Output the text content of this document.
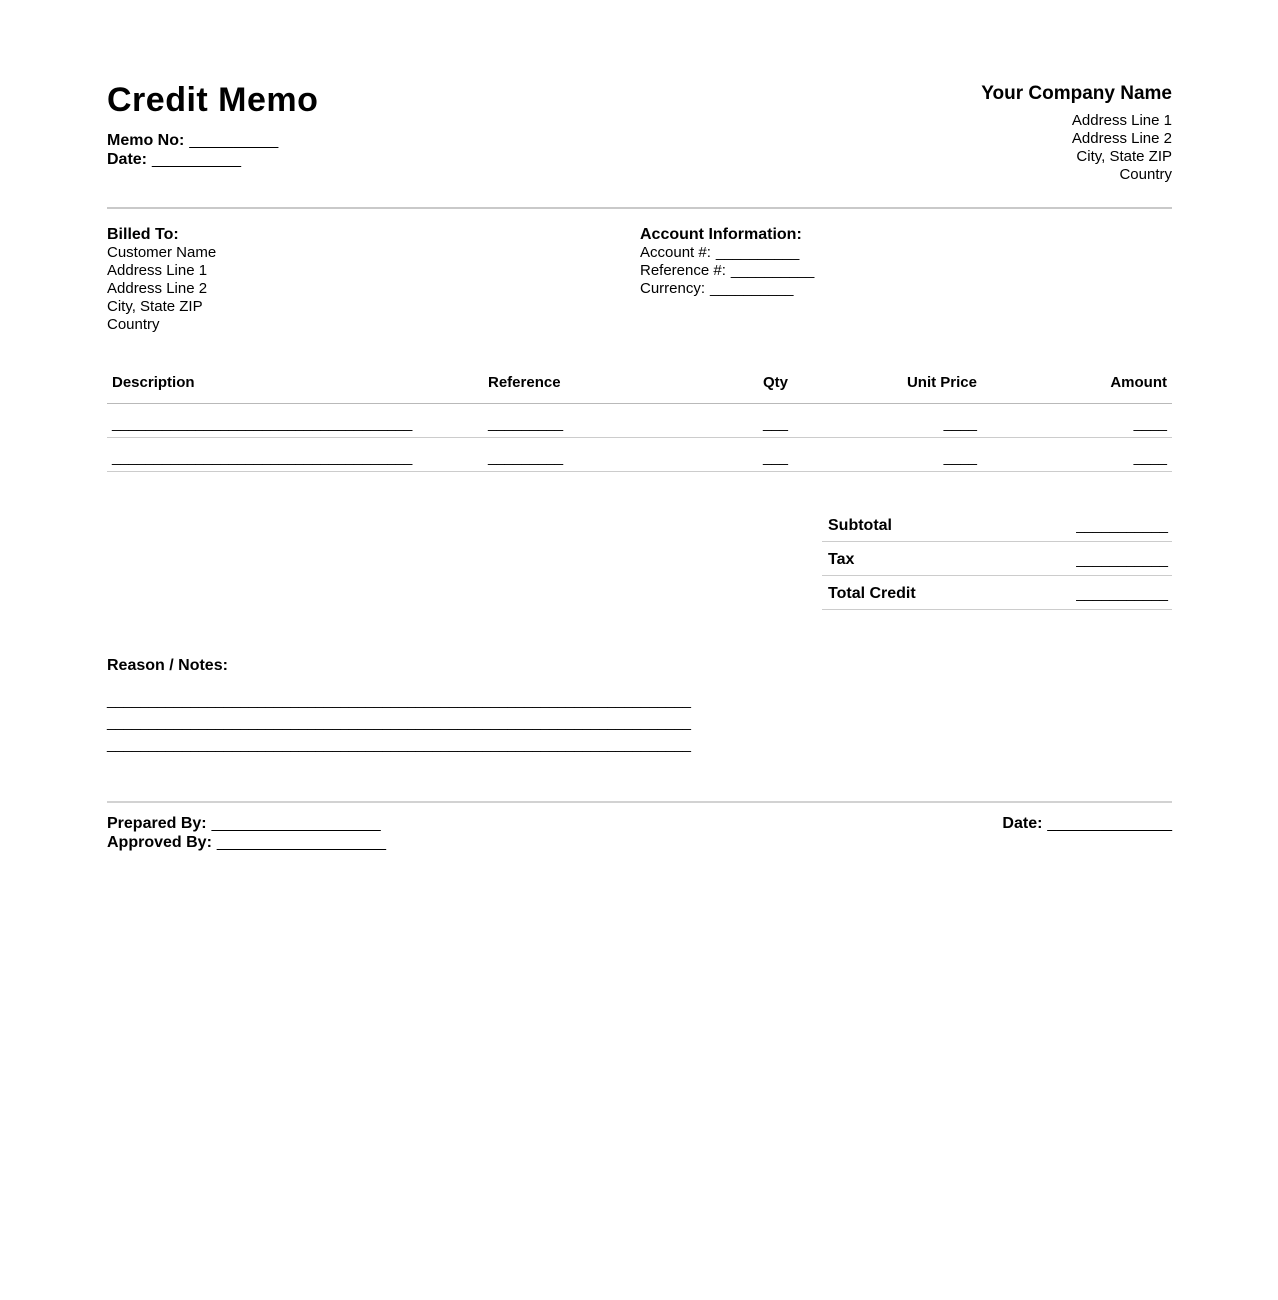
Credit Memo
Memo No: __________
Date: __________
Your Company Name
Address Line 1
Address Line 2
City, State ZIP
Country
Billed To:
Customer Name
Address Line 1
Address Line 2
City, State ZIP
Country
Account Information:
Account #: __________
Reference #: __________
Currency: __________
Description	Reference	Qty	Unit Price	Amount
____________________________________	_________	___	____	____
____________________________________	_________	___	____	____
Subtotal	___________
Tax	___________
Total Credit	___________
Reason / Notes:
______________________________________________________________________
______________________________________________________________________
______________________________________________________________________
Prepared By: ___________________
Approved By: ___________________
Date: ______________
